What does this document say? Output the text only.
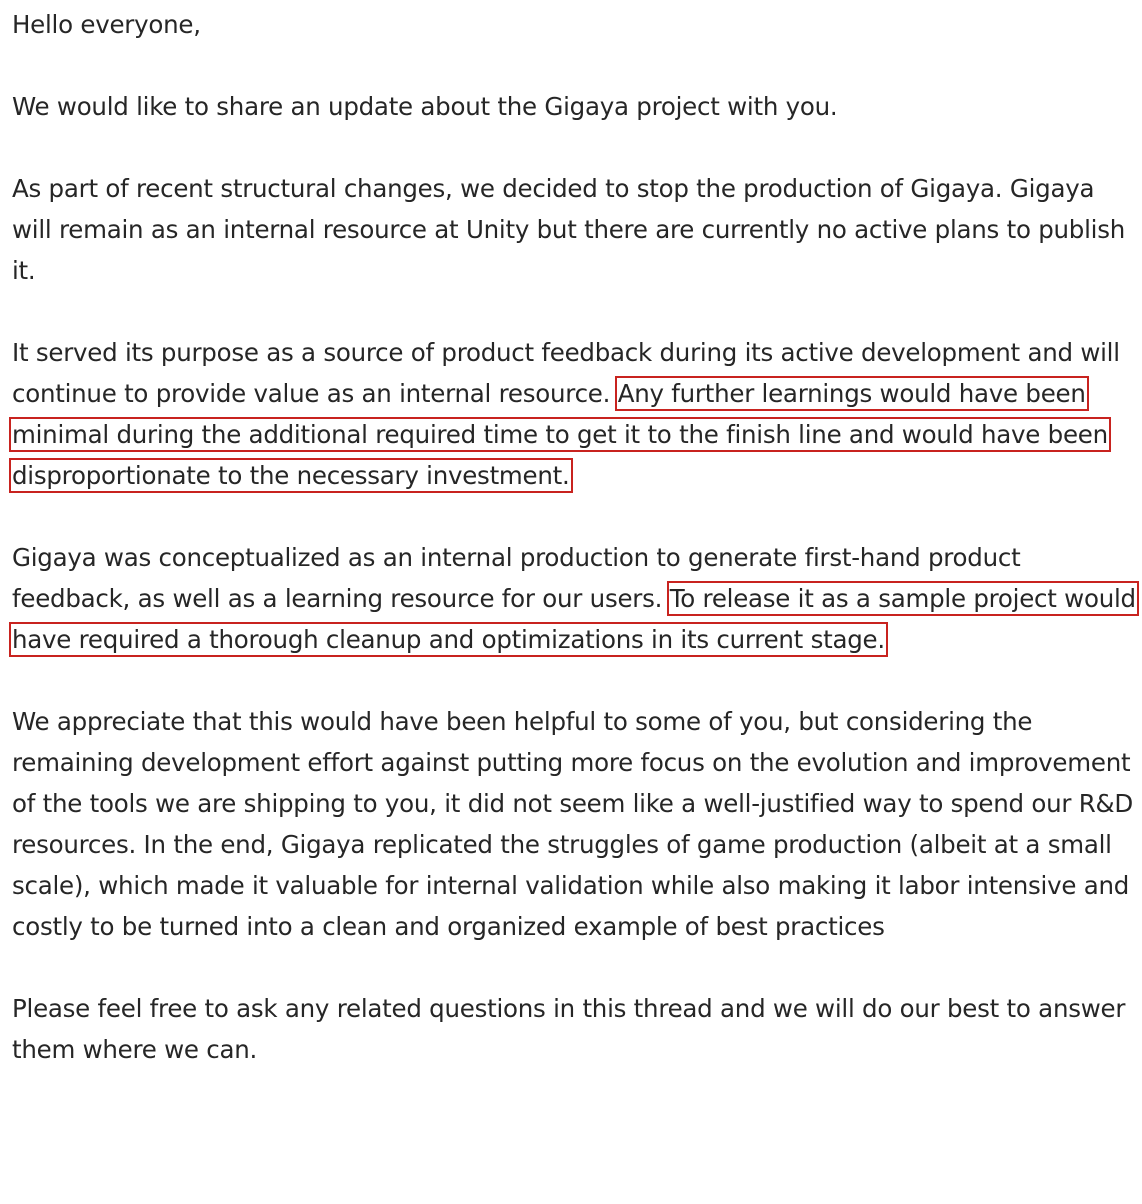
Hello everyone,

We would like to share an update about the Gigaya project with you.

As part of recent structural changes, we decided to stop the production of Gigaya. Gigaya will remain as an internal resource at Unity but there are currently no active plans to publish it.

It served its purpose as a source of product feedback during its active development and will continue to provide value as an internal resource. Any further learnings would have been minimal during the additional required time to get it to the finish line and would have been disproportionate to the necessary investment.

Gigaya was conceptualized as an internal production to generate first-hand product feedback, as well as a learning resource for our users. To release it as a sample project would have required a thorough cleanup and optimizations in its current stage.

We appreciate that this would have been helpful to some of you, but considering the remaining development effort against putting more focus on the evolution and improvement of the tools we are shipping to you, it did not seem like a well-justified way to spend our R&D resources. In the end, Gigaya replicated the struggles of game production (albeit at a small scale), which made it valuable for internal validation while also making it labor intensive and costly to be turned into a clean and organized example of best practices

Please feel free to ask any related questions in this thread and we will do our best to answer them where we can.
